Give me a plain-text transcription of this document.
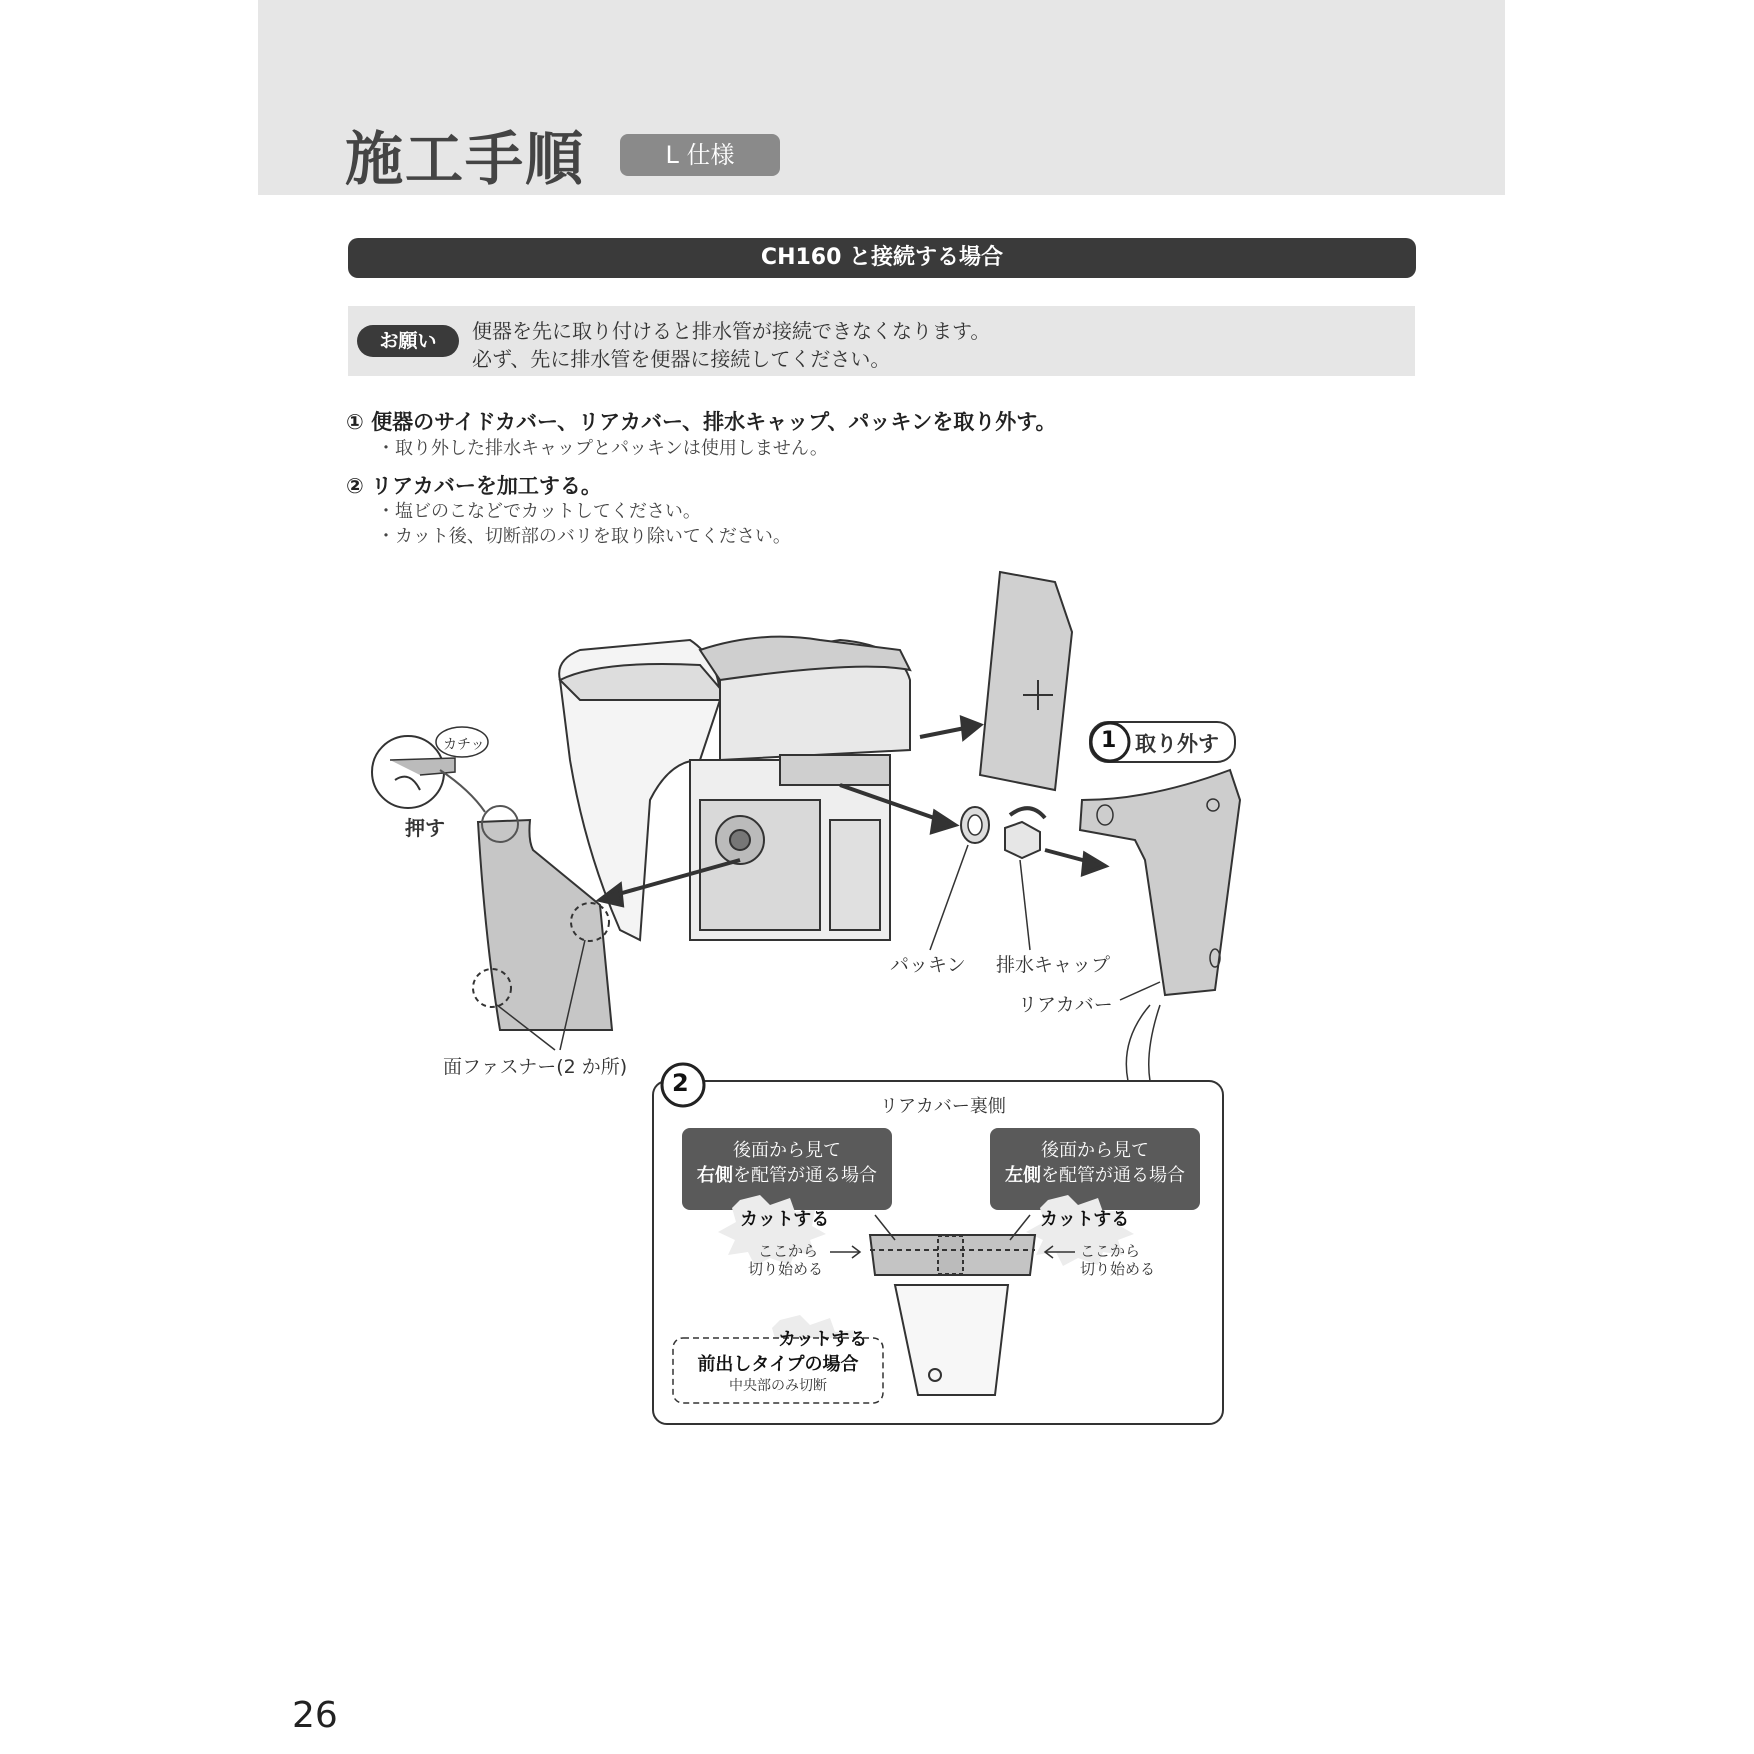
施工手順	L 仕様
CH160 と接続する場合
お願い	便器を先に取り付けると排水管が接続できなくなります。
必ず、先に排水管を便器に接続してください。
① 便器のサイドカバー、リアカバー、排水キャップ、パッキンを取り外す。
・取り外した排水キャップとパッキンは使用しません。
② リアカバーを加工する。
・塩ビのこなどでカットしてください。
・カット後、切断部のバリを取り除いてください。
カチッ
押す
1 取り外す
パッキン 排水キャップ
リアカバー
面ファスナー(2 か所)
2
リアカバー裏側
後面から見て
右側を配管が通る場合
後面から見て
左側を配管が通る場合
カットする	カットする
カットする
ここから
切り始める
ここから
切り始める
前出しタイプの場合
中央部のみ切断
26
